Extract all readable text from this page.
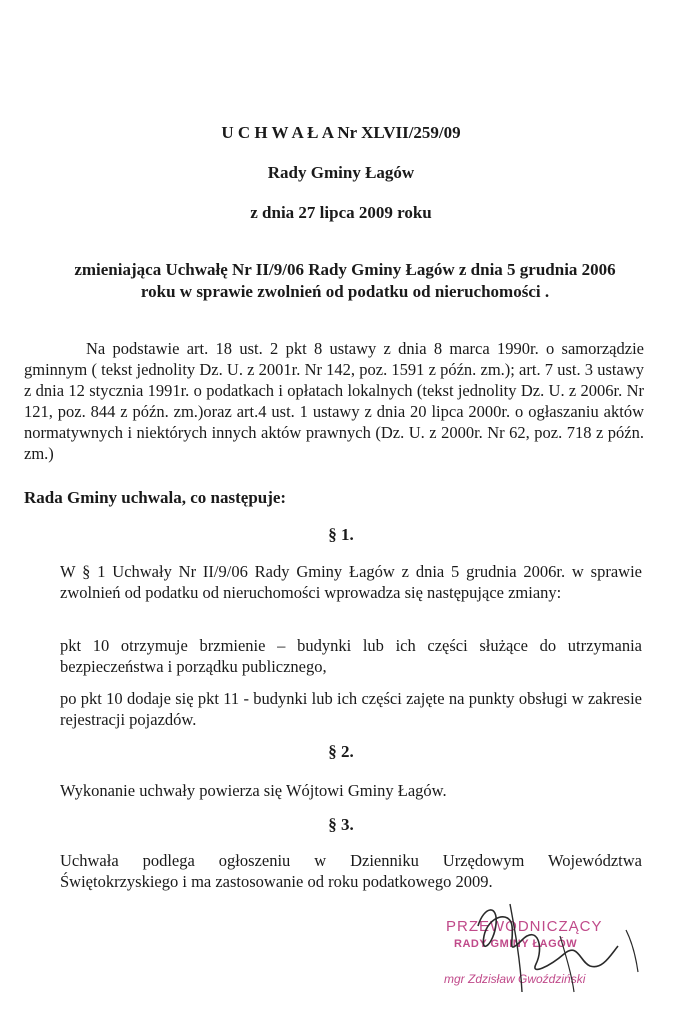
U C H W A Ł A Nr XLVII/259/09
Rady Gminy Łagów
z dnia 27 lipca 2009 roku
zmieniająca Uchwałę Nr II/9/06 Rady Gminy Łagów z dnia 5 grudnia 2006
roku w sprawie zwolnień od podatku od nieruchomości .
Na podstawie art. 18 ust. 2 pkt 8 ustawy z dnia 8 marca 1990r. o samorządzie gminnym ( tekst jednolity Dz. U. z 2001r. Nr 142, poz. 1591 z późn. zm.); art. 7 ust. 3 ustawy z dnia 12 stycznia 1991r. o podatkach i opłatach lokalnych (tekst jednolity Dz. U. z 2006r. Nr 121, poz. 844 z późn. zm.)oraz art.4 ust. 1 ustawy z dnia 20 lipca 2000r. o ogłaszaniu aktów normatywnych i niektórych innych aktów prawnych (Dz. U. z 2000r. Nr 62, poz. 718 z późn. zm.)
Rada Gminy uchwala, co następuje:
§ 1.
W § 1 Uchwały Nr II/9/06 Rady Gminy Łagów z dnia 5 grudnia 2006r. w sprawie zwolnień od podatku od nieruchomości wprowadza się następujące zmiany:
pkt 10 otrzymuje brzmienie – budynki lub ich części służące do utrzymania bezpieczeństwa i porządku publicznego,
po pkt 10 dodaje się pkt 11 - budynki lub ich części zajęte na punkty obsługi w zakresie rejestracji pojazdów.
§ 2.
Wykonanie uchwały powierza się Wójtowi Gminy Łagów.
§ 3.
Uchwała podlega ogłoszeniu w Dzienniku Urzędowym Województwa Świętokrzyskiego i ma zastosowanie od roku podatkowego 2009.
PRZEWODNICZĄCY
RADY GMINY ŁAGÓW
mgr Zdzisław Gwoździński
